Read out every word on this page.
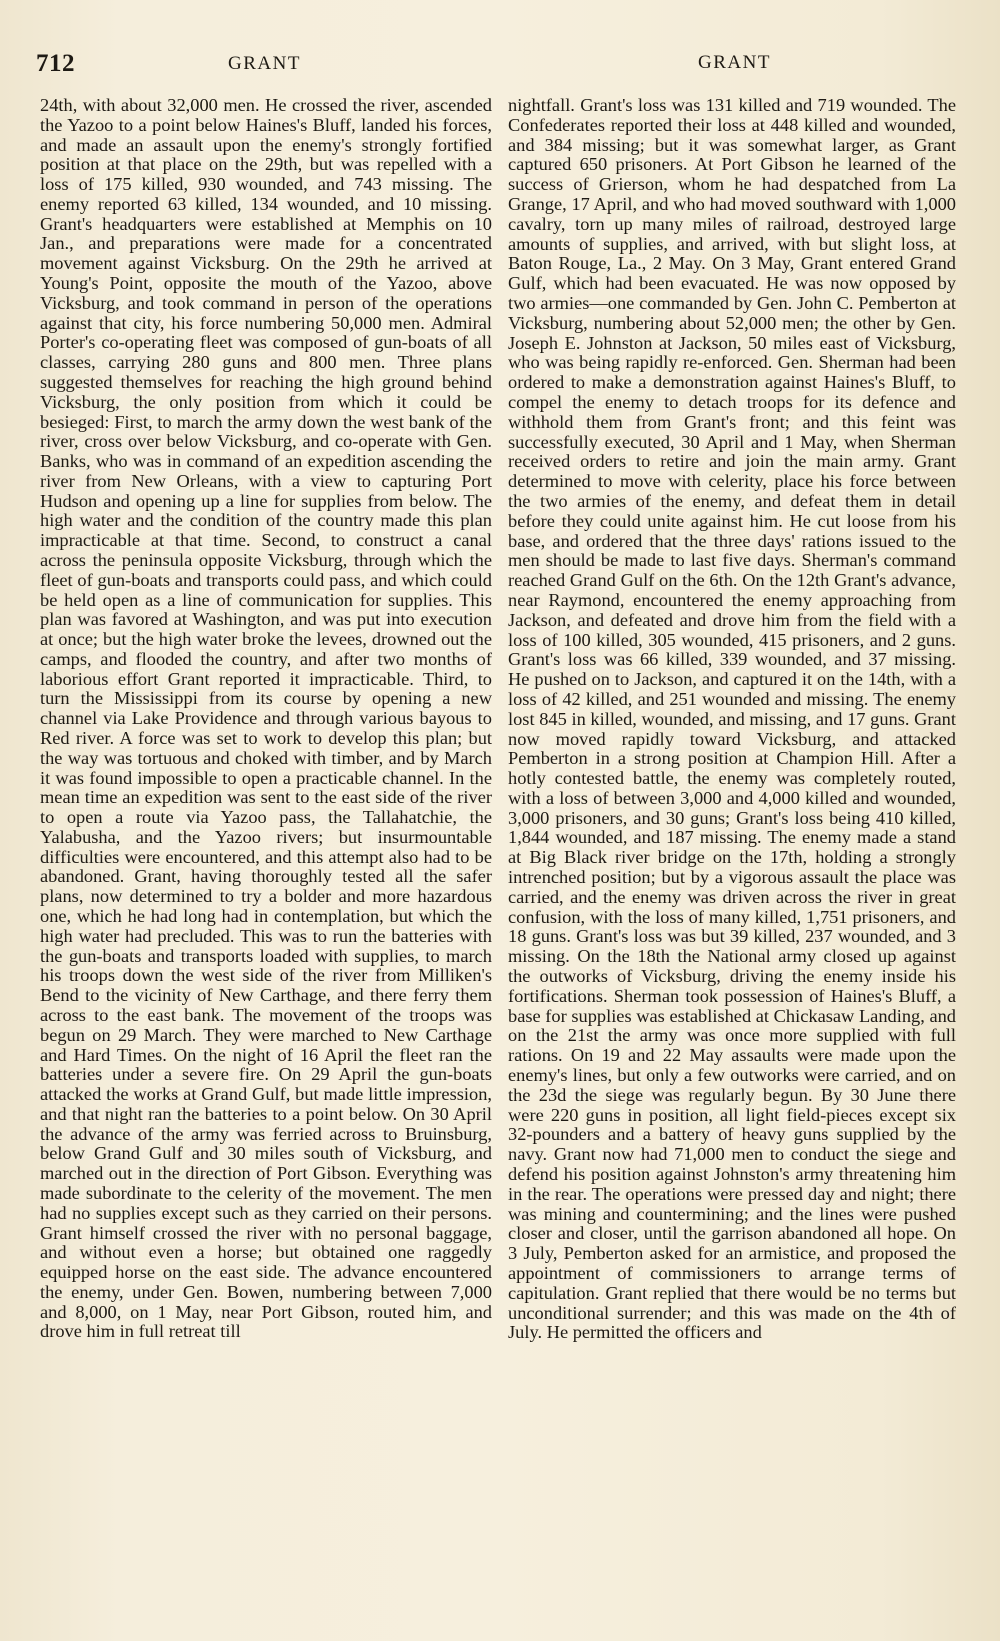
712	GRANT	GRANT

24th, with about 32,000 men. He crossed the river, ascended the Yazoo to a point below Haines's Bluff, landed his forces, and made an assault upon the enemy's strongly fortified position at that place on the 29th, but was repelled with a loss of 175 killed, 930 wounded, and 743 missing. The enemy reported 63 killed, 134 wounded, and 10 missing. Grant's headquarters were established at Memphis on 10 Jan., and preparations were made for a concentrated movement against Vicksburg. On the 29th he arrived at Young's Point, opposite the mouth of the Yazoo, above Vicksburg, and took command in person of the operations against that city, his force numbering 50,000 men. Admiral Porter's co-operating fleet was composed of gun-boats of all classes, carrying 280 guns and 800 men. Three plans suggested themselves for reaching the high ground behind Vicksburg, the only position from which it could be besieged: First, to march the army down the west bank of the river, cross over below Vicksburg, and co-operate with Gen. Banks, who was in command of an expedition ascending the river from New Orleans, with a view to capturing Port Hudson and opening up a line for supplies from below. The high water and the condition of the country made this plan impracticable at that time. Second, to construct a canal across the peninsula opposite Vicksburg, through which the fleet of gun-boats and transports could pass, and which could be held open as a line of communication for supplies. This plan was favored at Washington, and was put into execution at once; but the high water broke the levees, drowned out the camps, and flooded the country, and after two months of laborious effort Grant reported it impracticable. Third, to turn the Mississippi from its course by opening a new channel via Lake Providence and through various bayous to Red river. A force was set to work to develop this plan; but the way was tortuous and choked with timber, and by March it was found impossible to open a practicable channel. In the mean time an expedition was sent to the east side of the river to open a route via Yazoo pass, the Tallahatchie, the Yalabusha, and the Yazoo rivers; but insurmountable difficulties were encountered, and this attempt also had to be abandoned. Grant, having thoroughly tested all the safer plans, now determined to try a bolder and more hazardous one, which he had long had in contemplation, but which the high water had precluded. This was to run the batteries with the gun-boats and transports loaded with supplies, to march his troops down the west side of the river from Milliken's Bend to the vicinity of New Carthage, and there ferry them across to the east bank. The movement of the troops was begun on 29 March. They were marched to New Carthage and Hard Times. On the night of 16 April the fleet ran the batteries under a severe fire. On 29 April the gun-boats attacked the works at Grand Gulf, but made little impression, and that night ran the batteries to a point below. On 30 April the advance of the army was ferried across to Bruinsburg, below Grand Gulf and 30 miles south of Vicksburg, and marched out in the direction of Port Gibson. Everything was made subordinate to the celerity of the movement. The men had no supplies except such as they carried on their persons. Grant himself crossed the river with no personal baggage, and without even a horse; but obtained one raggedly equipped horse on the east side. The advance encountered the enemy, under Gen. Bowen, numbering between 7,000 and 8,000, on 1 May, near Port Gibson, routed him, and drove him in full retreat till

nightfall. Grant's loss was 131 killed and 719 wounded. The Confederates reported their loss at 448 killed and wounded, and 384 missing; but it was somewhat larger, as Grant captured 650 prisoners. At Port Gibson he learned of the success of Grierson, whom he had despatched from La Grange, 17 April, and who had moved southward with 1,000 cavalry, torn up many miles of railroad, destroyed large amounts of supplies, and arrived, with but slight loss, at Baton Rouge, La., 2 May. On 3 May, Grant entered Grand Gulf, which had been evacuated. He was now opposed by two armies—one commanded by Gen. John C. Pemberton at Vicksburg, numbering about 52,000 men; the other by Gen. Joseph E. Johnston at Jackson, 50 miles east of Vicksburg, who was being rapidly re-enforced. Gen. Sherman had been ordered to make a demonstration against Haines's Bluff, to compel the enemy to detach troops for its defence and withhold them from Grant's front; and this feint was successfully executed, 30 April and 1 May, when Sherman received orders to retire and join the main army. Grant determined to move with celerity, place his force between the two armies of the enemy, and defeat them in detail before they could unite against him. He cut loose from his base, and ordered that the three days' rations issued to the men should be made to last five days. Sherman's command reached Grand Gulf on the 6th. On the 12th Grant's advance, near Raymond, encountered the enemy approaching from Jackson, and defeated and drove him from the field with a loss of 100 killed, 305 wounded, 415 prisoners, and 2 guns. Grant's loss was 66 killed, 339 wounded, and 37 missing. He pushed on to Jackson, and captured it on the 14th, with a loss of 42 killed, and 251 wounded and missing. The enemy lost 845 in killed, wounded, and missing, and 17 guns. Grant now moved rapidly toward Vicksburg, and attacked Pemberton in a strong position at Champion Hill. After a hotly contested battle, the enemy was completely routed, with a loss of between 3,000 and 4,000 killed and wounded, 3,000 prisoners, and 30 guns; Grant's loss being 410 killed, 1,844 wounded, and 187 missing. The enemy made a stand at Big Black river bridge on the 17th, holding a strongly intrenched position; but by a vigorous assault the place was carried, and the enemy was driven across the river in great confusion, with the loss of many killed, 1,751 prisoners, and 18 guns. Grant's loss was but 39 killed, 237 wounded, and 3 missing. On the 18th the National army closed up against the outworks of Vicksburg, driving the enemy inside his fortifications. Sherman took possession of Haines's Bluff, a base for supplies was established at Chickasaw Landing, and on the 21st the army was once more supplied with full rations. On 19 and 22 May assaults were made upon the enemy's lines, but only a few outworks were carried, and on the 23d the siege was regularly begun. By 30 June there were 220 guns in position, all light field-pieces except six 32-pounders and a battery of heavy guns supplied by the navy. Grant now had 71,000 men to conduct the siege and defend his position against Johnston's army threatening him in the rear. The operations were pressed day and night; there was mining and countermining; and the lines were pushed closer and closer, until the garrison abandoned all hope. On 3 July, Pemberton asked for an armistice, and proposed the appointment of commissioners to arrange terms of capitulation. Grant replied that there would be no terms but unconditional surrender; and this was made on the 4th of July. He permitted the officers and
